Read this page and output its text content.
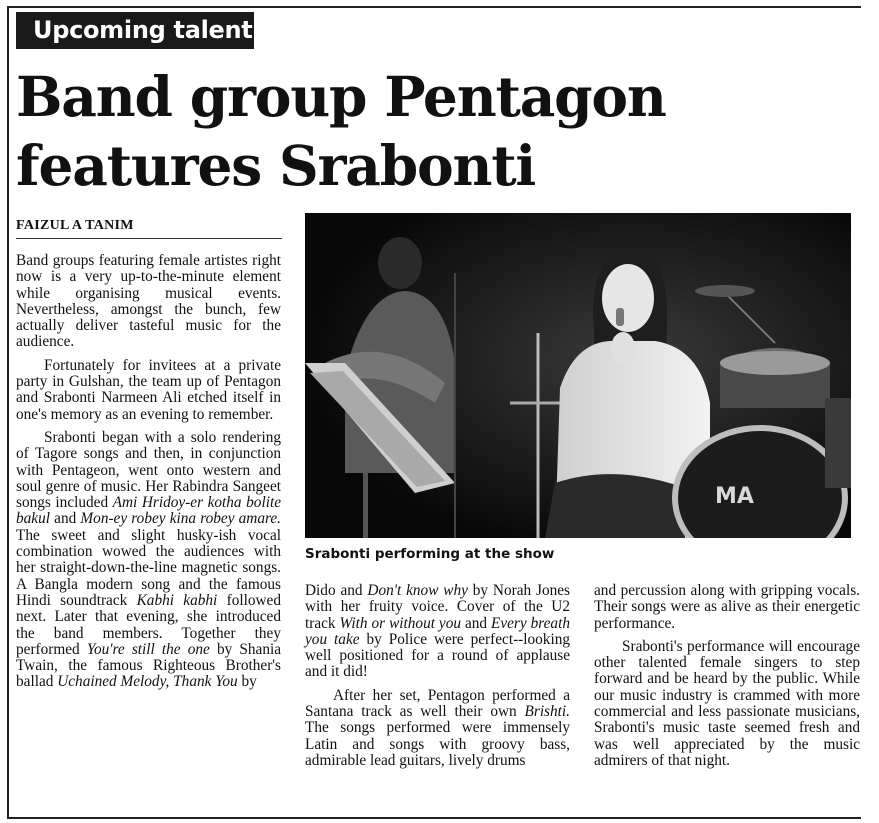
Upcoming talent
Band group Pentagon
features Srabonti
FAIZUL A TANIM

Band groups featuring female artistes right now is a very up-to-the-minute element while organising musical events. Nevertheless, amongst the bunch, few actually deliver tasteful music for the audience.

Fortunately for invitees at a private party in Gulshan, the team up of Pentagon and Srabonti Narmeen Ali etched itself in one's memory as an evening to remember.

Srabonti began with a solo rendering of Tagore songs and then, in conjunction with Pentageon, went onto western and soul genre of music. Her Rabindra Sangeet songs included Ami Hridoy-er kotha bolite bakul and Mon-ey robey kina robey amare. The sweet and slight husky-ish vocal combination wowed the audiences with her straight-down-the-line magnetic songs. A Bangla modern song and the famous Hindi soundtrack Kabhi kabhi followed next. Later that evening, she introduced the band members. Together they performed You're still the one by Shania Twain, the famous Righteous Brother's ballad Uchained Melody, Thank You by

MA
Srabonti performing at the show

Dido and Don't know why by Norah Jones with her fruity voice. Cover of the U2 track With or without you and Every breath you take by Police were perfect--looking well positioned for a round of applause and it did!

After her set, Pentagon performed a Santana track as well their own Brishti. The songs performed were immensely Latin and songs with groovy bass, admirable lead guitars, lively drums

and percussion along with gripping vocals. Their songs were as alive as their energetic performance.

Srabonti's performance will encourage other talented female singers to step forward and be heard by the public. While our music industry is crammed with more commercial and less passionate musicians, Srabonti's music taste seemed fresh and was well appreciated by the music admirers of that night.
